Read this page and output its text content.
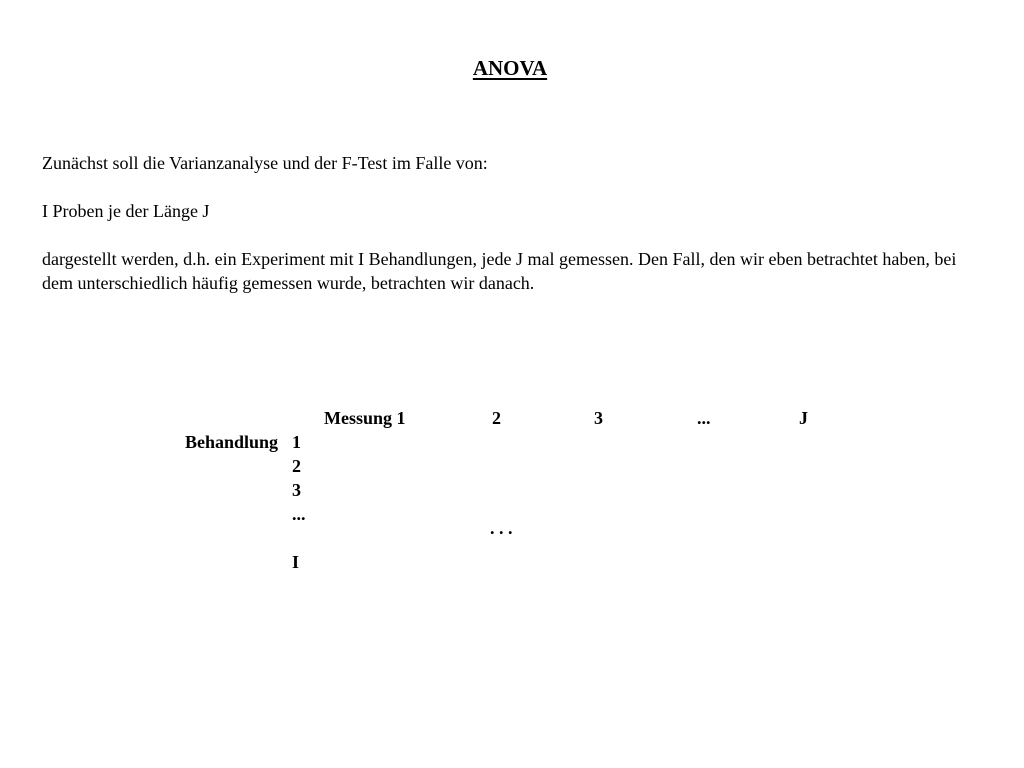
ANOVA

Zunächst soll die Varianzanalyse und der F-Test im Falle von:

I Proben je der Länge J

dargestellt werden, d.h. ein Experiment mit I Behandlungen, jede J mal gemessen. Den Fall, den wir eben betrachtet haben, bei dem unterschiedlich häufig gemessen wurde, betrachten wir danach.

Messung 1	2	3	...	J
Behandlung 1
2
3
...
I
. . .
